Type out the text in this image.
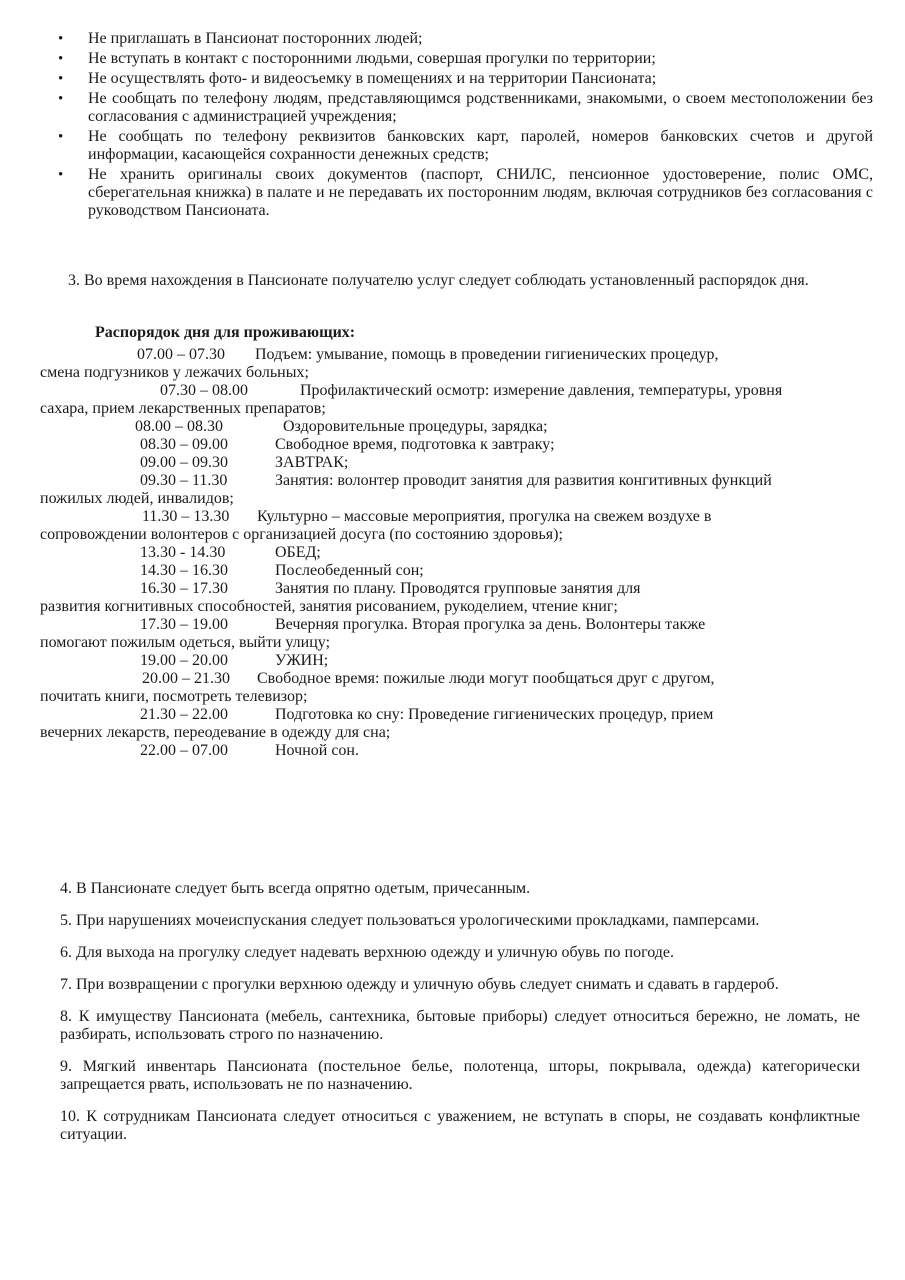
•	Не приглашать в Пансионат посторонних людей;
•	Не вступать в контакт с посторонними людьми, совершая прогулки по территории;
•	Не осуществлять фото- и видеосъемку в помещениях и на территории Пансионата;
•	Не сообщать по телефону людям, представляющимся родственниками, знакомыми, о своем местоположении без согласования с администрацией учреждения;
•	Не сообщать по телефону реквизитов банковских карт, паролей, номеров банковских счетов и другой информации, касающейся сохранности денежных средств;
•	Не хранить оригиналы своих документов (паспорт, СНИЛС, пенсионное удостоверение, полис ОМС, сберегательная книжка) в палате и не передавать их посторонним людям, включая сотрудников без согласования с руководством Пансионата.
3. Во время нахождения в Пансионате получателю услуг следует соблюдать установленный распорядок дня.
Распорядок дня для проживающих:
07.00 – 07.30	Подъем: умывание, помощь в проведении гигиенических процедур,
смена подгузников у лежачих больных;
07.30 – 08.00	Профилактический осмотр: измерение давления, температуры, уровня
сахара, прием лекарственных препаратов;
08.00 – 08.30	Оздоровительные процедуры, зарядка;
08.30 – 09.00	Свободное время, подготовка к завтраку;
09.00 – 09.30	ЗАВТРАК;
09.30 – 11.30	Занятия: волонтер проводит занятия для развития конгитивных функций
пожилых людей, инвалидов;
11.30 – 13.30	Культурно – массовые мероприятия, прогулка на свежем воздухе в
сопровождении волонтеров с организацией досуга (по состоянию здоровья);
13.30 - 14.30	ОБЕД;
14.30 – 16.30	Послеобеденный сон;
16.30 – 17.30	Занятия по плану. Проводятся групповые занятия для
развития когнитивных способностей, занятия рисованием, рукоделием, чтение книг;
17.30 – 19.00	Вечерняя прогулка. Вторая прогулка за день. Волонтеры также
помогают пожилым одеться, выйти улицу;
19.00 – 20.00	УЖИН;
20.00 – 21.30	Свободное время: пожилые люди могут пообщаться друг с другом,
почитать книги, посмотреть телевизор;
21.30 – 22.00	Подготовка ко сну: Проведение гигиенических процедур, прием
вечерних лекарств, переодевание в одежду для сна;
22.00 – 07.00	Ночной сон.
4. В Пансионате следует быть всегда опрятно одетым, причесанным.
5. При нарушениях мочеиспускания следует пользоваться урологическими прокладками, памперсами.
6. Для выхода на прогулку следует надевать верхнюю одежду и уличную обувь по погоде.
7. При возвращении с прогулки верхнюю одежду и уличную обувь следует снимать и сдавать в гардероб.
8. К имуществу Пансионата (мебель, сантехника, бытовые приборы) следует относиться бережно, не ломать, не разбирать, использовать строго по назначению.
9. Мягкий инвентарь Пансионата (постельное белье, полотенца, шторы, покрывала, одежда) категорически запрещается рвать, использовать не по назначению.
10. К сотрудникам Пансионата следует относиться с уважением, не вступать в споры, не создавать конфликтные ситуации.
